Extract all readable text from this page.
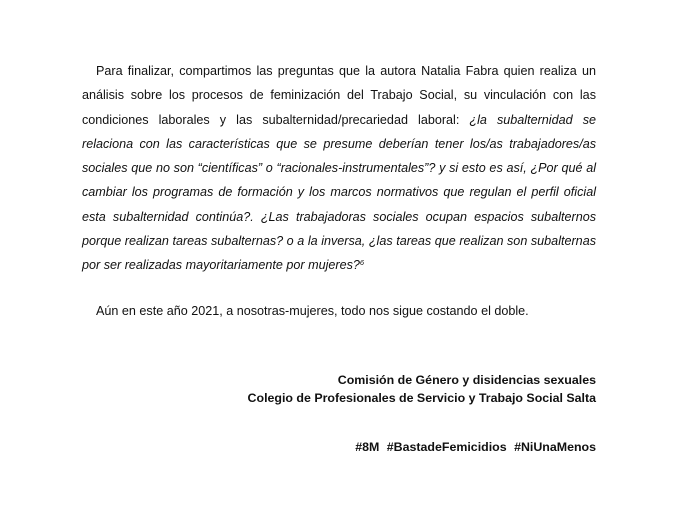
Para finalizar, compartimos las preguntas que la autora Natalia Fabra quien realiza un análisis sobre los procesos de feminización del Trabajo Social, su vinculación con las condiciones laborales y las subalternidad/precariedad laboral: ¿la subalternidad se relaciona con las características que se presume deberían tener los/as trabajadores/as sociales que no son “científicas” o “racionales-instrumentales”? y si esto es así, ¿Por qué al cambiar los programas de formación y los marcos normativos que regulan el perfil oficial esta subalternidad continúa?. ¿Las trabajadoras sociales ocupan espacios subalternos porque realizan tareas subalternas? o a la inversa, ¿las tareas que realizan son subalternas por ser realizadas mayoritariamente por mujeres?$^6$

Aún en este año 2021, a nosotras-mujeres, todo nos sigue costando el doble.

Comisión de Género y disidencias sexuales
Colegio de Profesionales de Servicio y Trabajo Social Salta
#8M #BastadeFemicidios #NiUnaMenos
